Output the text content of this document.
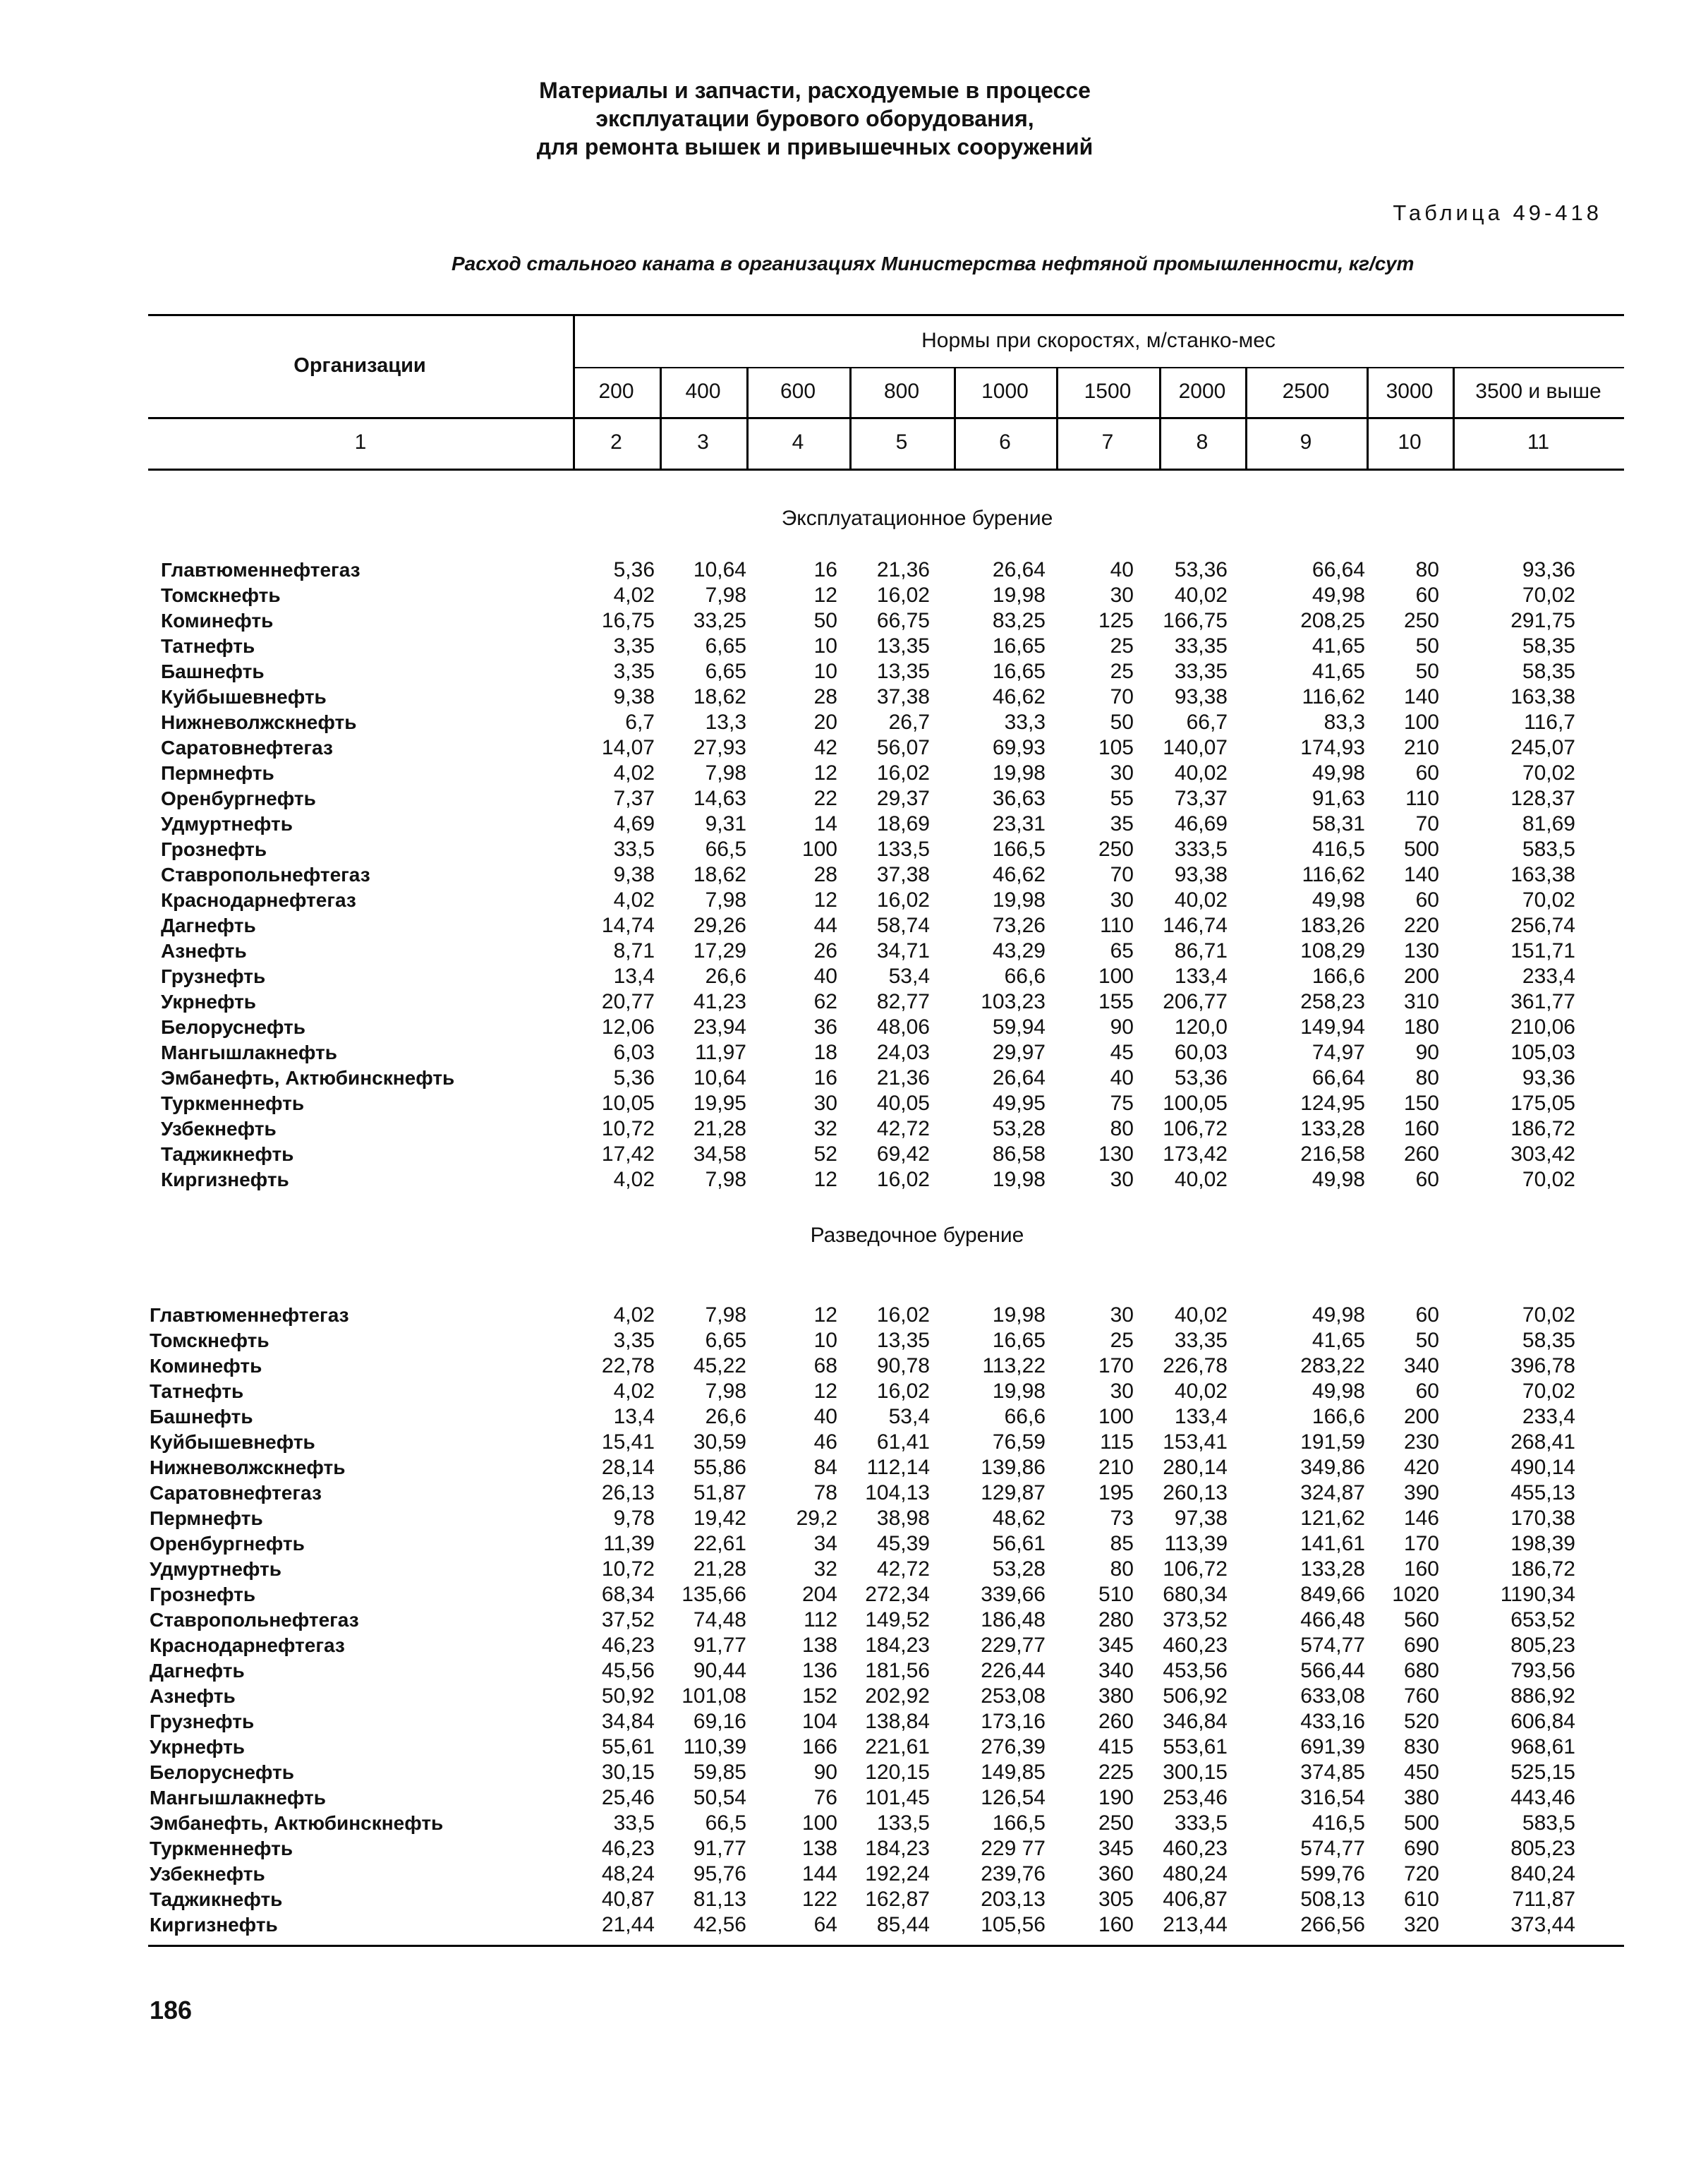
Материалы и запчасти, расходуемые в процессе
эксплуатации бурового оборудования,
для ремонта вышек и привышечных сооружений
Таблица 49-418
Расход стального каната в организациях Министерства нефтяной промышленности, кг/сут
Организации
Нормы при скоростях, м/станко-мес
200	400	600	800	1000	1500	2000	2500	3000	3500 и выше
1	2	3	4	5	6	7	8	9	10	11
Эксплуатационное бурение
Главтюменнефтегаз	5,36 10,64	16 21,36	26,64	40 53,36	66,64 80	93,36
Томскнефть	4,02 7,98	12 16,02	19,98	30 40,02	49,98 60	70,02
Коминефть	16,75 33,25	50 66,75	83,25 125 166,75	208,25 250	291,75
Татнефть	3,35 6,65	10 13,35	16,65	25 33,35	41,65 50	58,35
Башнефть	3,35 6,65	10 13,35	16,65	25 33,35	41,65 50	58,35
Куйбышевнефть	9,38 18,62	28 37,38	46,62	70 93,38	116,62 140	163,38
Нижневолжскнефть	6,7 13,3	20 26,7	33,3	50 66,7	83,3 100	116,7
Саратовнефтегаз	14,07 27,93	42 56,07	69,93 105 140,07	174,93 210	245,07
Пермнефть	4,02 7,98	12 16,02	19,98	30 40,02	49,98 60	70,02
Оренбургнефть	7,37 14,63	22 29,37	36,63	55 73,37	91,63 110	128,37
Удмуртнефть	4,69 9,31	14 18,69	23,31	35 46,69	58,31 70	81,69
Грознефть	33,5 66,5	100 133,5	166,5 250 333,5	416,5 500	583,5
Ставропольнефтегаз	9,38 18,62	28 37,38	46,62	70 93,38	116,62 140	163,38
Краснодарнефтегаз	4,02 7,98	12 16,02	19,98	30 40,02	49,98 60	70,02
Дагнефть	14,74 29,26	44 58,74	73,26	110 146,74	183,26 220	256,74
Азнефть	8,71 17,29	26 34,71	43,29	65 86,71	108,29 130	151,71
Грузнефть	13,4 26,6	40 53,4	66,6 100 133,4	166,6 200	233,4
Укрнефть	20,77 41,23	62 82,77 103,23 155 206,77	258,23 310	361,77
Белоруснефть	12,06 23,94	36 48,06	59,94	90 120,0	149,94 180	210,06
Мангышлакнефть	6,03 11,97	18 24,03	29,97	45 60,03	74,97 90	105,03
Эмбанефть, Актюбинскнефть	5,36 10,64	16 21,36	26,64	40 53,36	66,64 80	93,36
Туркменнефть	10,05 19,95	30 40,05	49,95	75 100,05	124,95 150	175,05
Узбекнефть	10,72 21,28	32 42,72	53,28	80 106,72	133,28 160	186,72
Таджикнефть	17,42 34,58	52 69,42	86,58 130 173,42	216,58 260	303,42
Киргизнефть	4,02 7,98	12 16,02	19,98	30 40,02	49,98 60	70,02
Разведочное бурение
Главтюменнефтегаз	4,02 7,98	12 16,02	19,98	30 40,02	49,98 60	70,02
Томскнефть	3,35 6,65	10 13,35	16,65	25 33,35	41,65 50	58,35
Коминефть	22,78 45,22	68 90,78 113,22 170 226,78	283,22 340	396,78
Татнефть	4,02 7,98	12 16,02	19,98	30 40,02	49,98 60	70,02
Башнефть	13,4 26,6	40 53,4	66,6 100 133,4	166,6 200	233,4
Куйбышевнефть	15,41 30,59	46 61,41	76,59	115 153,41	191,59 230	268,41
Нижневолжскнефть	28,14 55,86	84 112,14 139,86 210 280,14	349,86 420	490,14
Саратовнефтегаз	26,13 51,87	78 104,13 129,87 195 260,13	324,87 390	455,13
Пермнефть	9,78 19,42 29,2 38,98	48,62	73 97,38	121,62 146	170,38
Оренбургнефть	11,39 22,61	34 45,39	56,61	85 113,39	141,61 170	198,39
Удмуртнефть	10,72 21,28	32 42,72	53,28	80 106,72	133,28 160	186,72
Грознефть	68,34 135,66	204 272,34 339,66 510 680,34	849,66 1020	1190,34
Ставропольнефтегаз	37,52 74,48	112 149,52 186,48 280 373,52	466,48 560	653,52
Краснодарнефтегаз	46,23 91,77	138 184,23 229,77 345 460,23	574,77 690	805,23
Дагнефть	45,56 90,44	136 181,56 226,44 340 453,56	566,44 680	793,56
Азнефть	50,92 101,08	152 202,92 253,08 380 506,92	633,08 760	886,92
Грузнефть	34,84 69,16	104 138,84 173,16 260 346,84	433,16 520	606,84
Укрнефть	55,61 110,39	166 221,61 276,39 415 553,61	691,39 830	968,61
Белоруснефть	30,15 59,85	90 120,15 149,85 225 300,15	374,85 450	525,15
Мангышлакнефть	25,46 50,54	76 101,45 126,54 190 253,46	316,54 380	443,46
Эмбанефть, Актюбинскнефть	33,5 66,5	100 133,5	166,5 250 333,5	416,5 500	583,5
Туркменнефть	46,23 91,77	138 184,23 229 77 345 460,23	574,77 690	805,23
Узбекнефть	48,24 95,76	144 192,24 239,76 360 480,24	599,76 720	840,24
Таджикнефть	40,87 81,13	122 162,87 203,13 305 406,87	508,13 610	711,87
Киргизнефть	21,44 42,56	64 85,44 105,56 160 213,44	266,56 320	373,44
186
